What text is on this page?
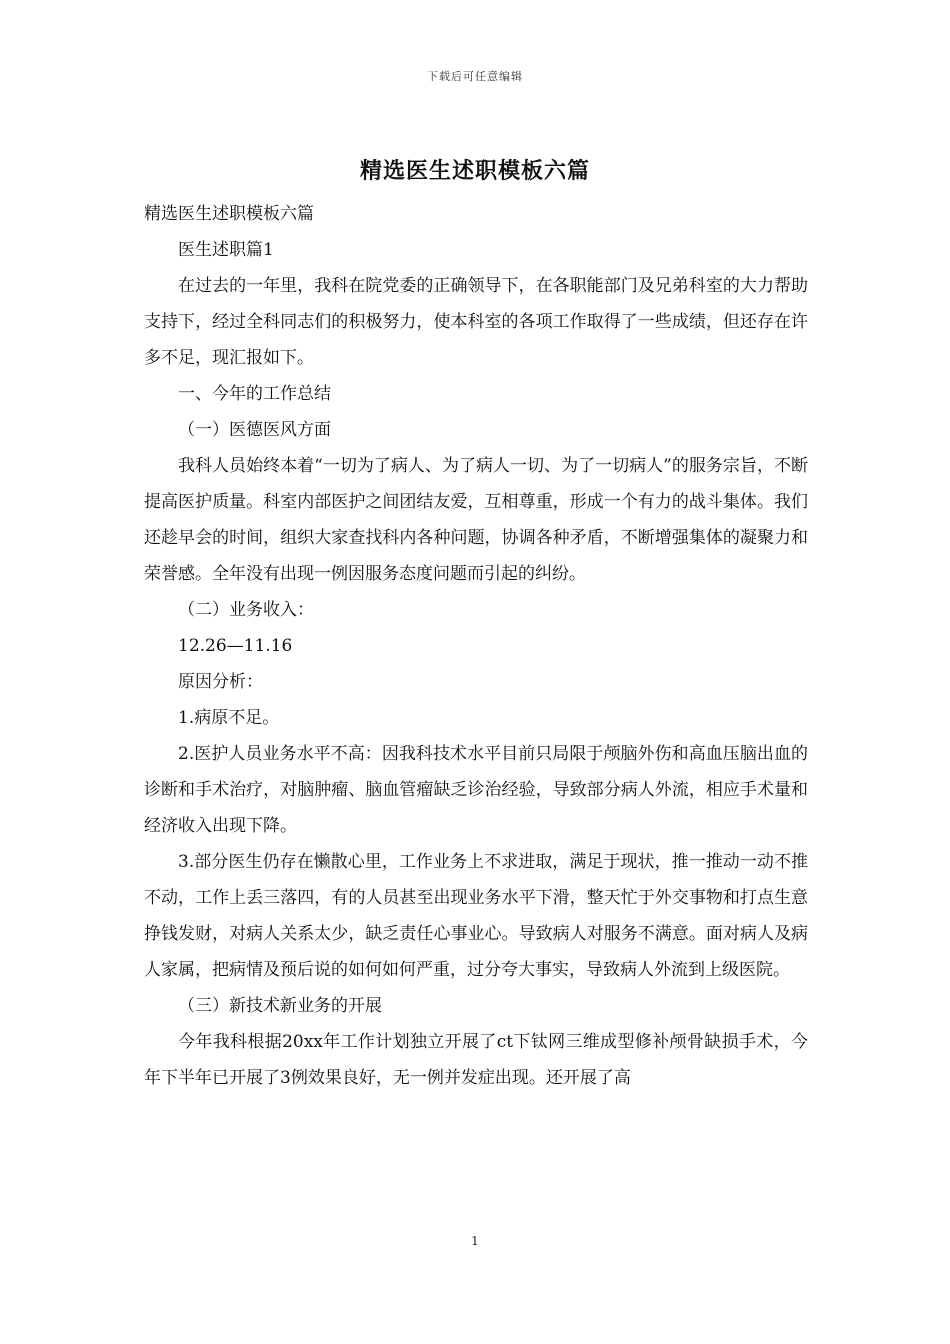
下载后可任意编辑
精选医生述职模板六篇

精选医生述职模板六篇

医生述职篇1

在过去的一年里，我科在院党委的正确领导下，在各职能部门及兄弟科室的大力帮助支持下，经过全科同志们的积极努力，使本科室的各项工作取得了一些成绩，但还存在许多不足，现汇报如下。

一、今年的工作总结

（一）医德医风方面

我科人员始终本着“一切为了病人、为了病人一切、为了一切病人”的服务宗旨，不断提高医护质量。科室内部医护之间团结友爱，互相尊重，形成一个有力的战斗集体。我们还趁早会的时间，组织大家查找科内各种问题，协调各种矛盾，不断增强集体的凝聚力和荣誉感。全年没有出现一例因服务态度问题而引起的纠纷。

（二）业务收入：

12.26—11.16

原因分析：

1.病原不足。

2.医护人员业务水平不高：因我科技术水平目前只局限于颅脑外伤和高血压脑出血的诊断和手术治疗，对脑肿瘤、脑血管瘤缺乏诊治经验，导致部分病人外流，相应手术量和经济收入出现下降。

3.部分医生仍存在懒散心里，工作业务上不求进取，满足于现状，推一推动一动不推不动，工作上丢三落四，有的人员甚至出现业务水平下滑，整天忙于外交事物和打点生意挣钱发财，对病人关系太少，缺乏责任心事业心。导致病人对服务不满意。面对病人及病人家属，把病情及预后说的如何如何严重，过分夸大事实，导致病人外流到上级医院。

（三）新技术新业务的开展

今年我科根据20xx年工作计划独立开展了ct下钛网三维成型修补颅骨缺损手术，今年下半年已开展了3例效果良好，无一例并发症出现。还开展了高

1
